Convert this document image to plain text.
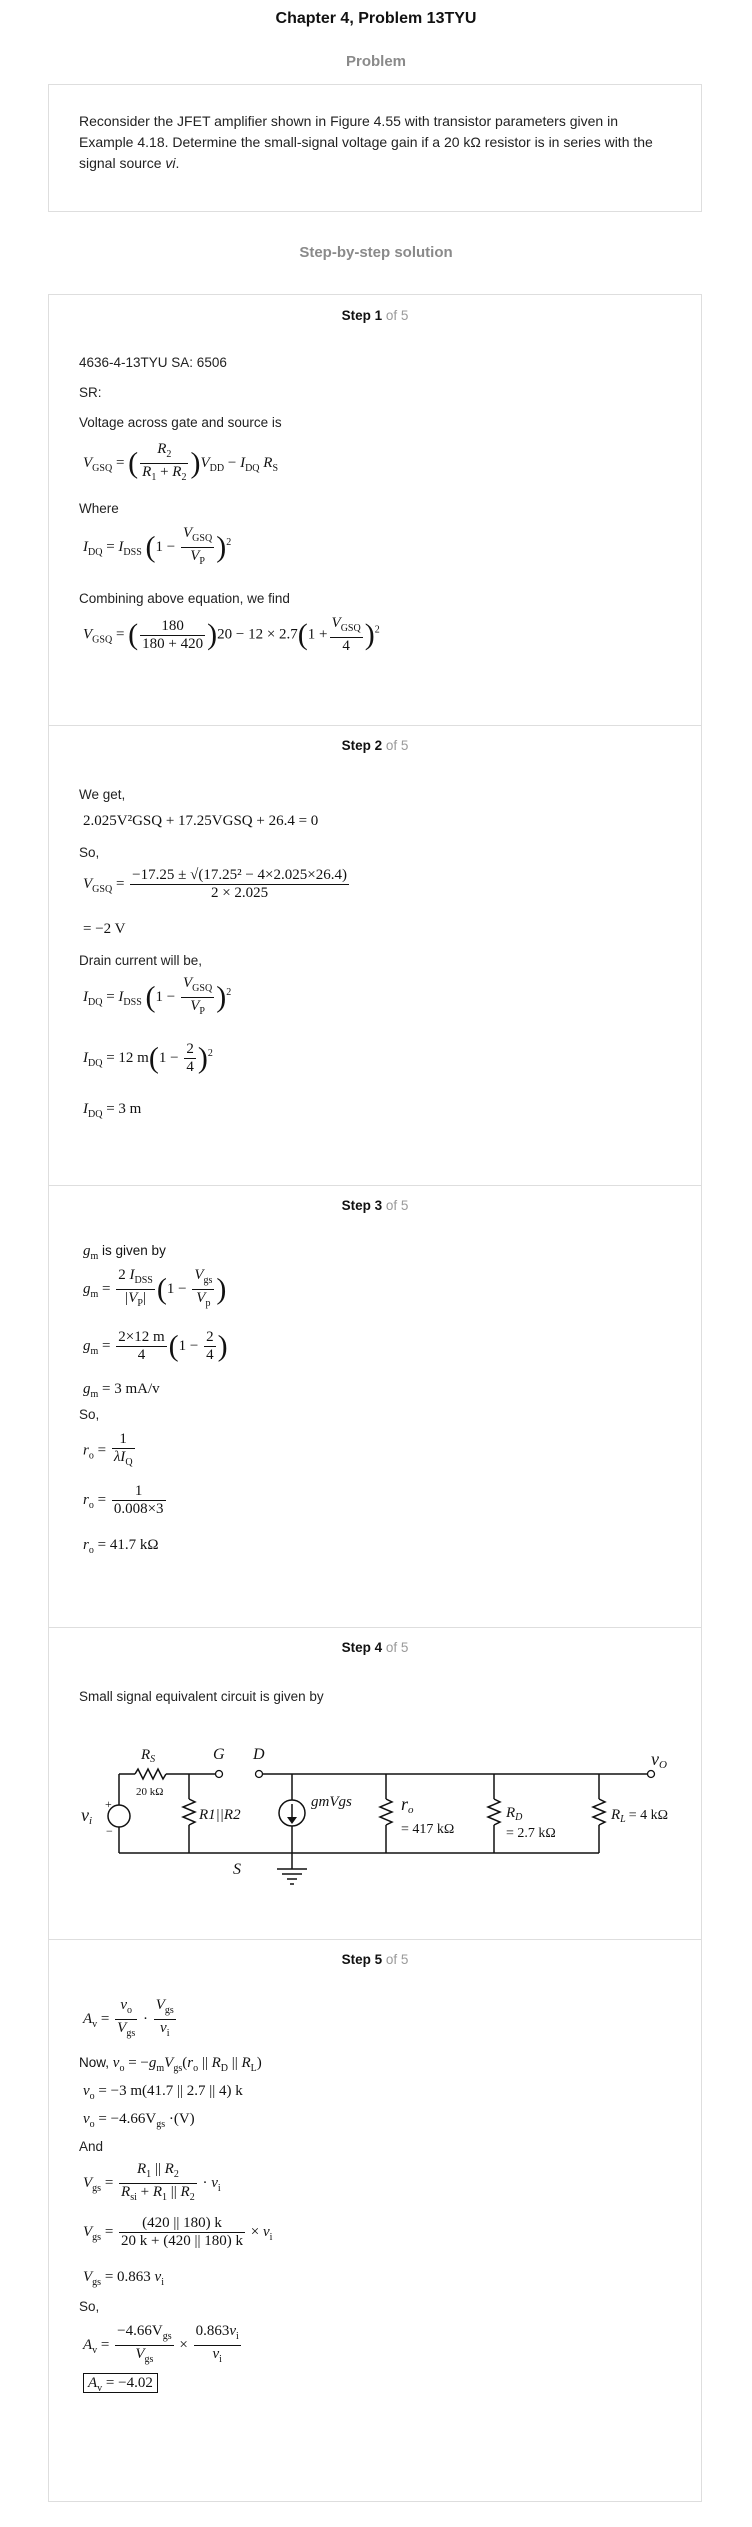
Chapter 4, Problem 13TYU
Problem
Reconsider the JFET amplifier shown in Figure 4.55 with transistor parameters given in Example 4.18. Determine the small-signal voltage gain if a 20 kΩ resistor is in series with the signal source vi.
Step-by-step solution
Step 1 of 5
4636-4-13TYU SA: 6506
SR:
Voltage across gate and source is
$V_{GSQ}$ = ( $\frac{R_2}{R_1 + R_2} )V_{DD} - I_{DQ}$ $R_S$
Where
$I_{DQ} = I_{DSS}$ $(1 - \frac{V_{GSQ}}{V_P} )^2$
Combining above equation, we find
$V_{GSQ}$ = ( $\frac{180}{180 + 420} )20 - 12 \times 2.7(1 + \frac{V_{GSQ}}{4} )^2$
Step 2 of 5
We get,
2.025V²GSQ + 17.25VGSQ + 26.4 = 0
So,
$V_{GSQ} = \frac{\text{−17.25 ± √(17.25² − 4×2.025×26.4)}}{2 \times 2.025}$
= −2 V
Drain current will be,
$I_{DQ} = I_{DSS}$ $(1 - \frac{V_{GSQ}}{V_P} )^2$
$I_{DQ} = 12$ $m(1 - \frac{2}{4} )^2$
$I_{DQ} = 3$ m
Step 3 of 5
$g_m$ is given by
$g_m = \frac{2 I_{DSS}}{|V_P|} (1 - \frac{V_{gs}}{V_p}$ )
$g_m = \frac{2\times 12 m}{4} (1 - \frac{2}{4}$ )
$g_m = 3$ mA/v
So,
$r_o = \frac{1}{\lambda I_Q}$
$r_o = \frac{1}{0.008\times 3}$
$r_o = 41.7$ kΩ
Step 4 of 5
Small signal equivalent circuit is given by
+
−
$R_S$
20 kΩ
G D
S
vO
vi	R1||R2
gmVgs	ro
= 417 kΩ
$R_D$
= 2.7 kΩ
$R_L = 4$ kΩ
Step 5 of 5
$A_v = \frac{v_o}{V_{gs}} \cdot \frac{V_{gs}}{v_i}$
Now, $v_o = -g_mV_{gs}(r_o$ || $R_D$ || $R_L$)
$v_o = -3$ m(41.7 || 2.7 || 4) k
$v_o = -4.66V_{gs} \cdot(V)$
And
$V_{gs} = \frac{R_1 || R_2}{R_{si} + R_1 || R_2} \cdot v_i$
$V_{gs} = \frac{(420 || 180) k}{20 k + (420 || 180) k} \times v_i$
$V_{gs} = 0.863$ $v_i$
So,
$A_v = \frac{-4.66V_{gs}}{V_{gs}} \times \frac{0.863v_i}{v_i}$
$A_v = -4.02$
